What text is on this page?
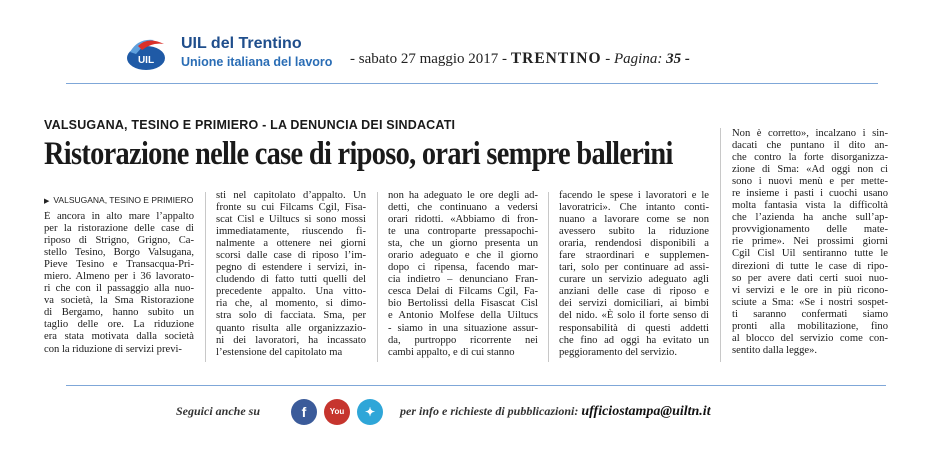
UIL
UIL del Trentino
Unione italiana del lavoro - sabato 27 maggio 2017 - TRENTINO - Pagina: 35 -
VALSUGANA, TESINO E PRIMIERO - LA DENUNCIA DEI SINDACATI
Ristorazione nelle case di riposo, orari sempre ballerini
▶ VALSUGANA, TESINO E PRIMIERO
È ancora in alto mare l’appalto
per la ristorazione delle case di
riposo di Strigno, Grigno, Ca-
stello Tesino, Borgo Valsugana,
Pieve Tesino e Transacqua-Pri-
miero. Almeno per i 36 lavorato-
ri che con il passaggio alla nuo-
va società, la Sma Ristorazione
di Bergamo, hanno subito un
taglio delle ore. La riduzione
era stata motivata dalla società
con la riduzione di servizi previ-
sti nel capitolato d’appalto. Un
fronte su cui Filcams Cgil, Fisa-
scat Cisl e Uiltucs si sono mossi
immediatamente, riuscendo fi-
nalmente a ottenere nei giorni
scorsi dalle case di riposo l’im-
pegno di estendere i servizi, in-
cludendo di fatto tutti quelli del
precedente appalto. Una vitto-
ria che, al momento, si dimo-
stra solo di facciata. Sma, per
quanto risulta alle organizzazio-
ni dei lavoratori, ha incassato
l’estensione del capitolato ma
non ha adeguato le ore degli ad-
detti, che continuano a vedersi
orari ridotti. «Abbiamo di fron-
te una controparte pressapochi-
sta, che un giorno presenta un
orario adeguato e che il giorno
dopo ci ripensa, facendo mar-
cia indietro – denunciano Fran-
cesca Delai di Filcams Cgil, Fa-
bio Bertolissi della Fisascat Cisl
e Antonio Molfese della Uiltucs
- siamo in una situazione assur-
da, purtroppo ricorrente nei
cambi appalto, e di cui stanno
facendo le spese i lavoratori e le
lavoratrici». Che intanto conti-
nuano a lavorare come se non
avessero subito la riduzione
oraria, rendendosi disponibili a
fare straordinari e supplemen-
tari, solo per continuare ad assi-
curare un servizio adeguato agli
anziani delle case di riposo e
dei servizi domiciliari, ai bimbi
del nido. «È solo il forte senso di
responsabilità di questi addetti
che fino ad oggi ha evitato un
peggioramento del servizio.
Non è corretto», incalzano i sin-
dacati che puntano il dito an-
che contro la forte disorganizza-
zione di Sma: «Ad oggi non ci
sono i nuovi menù e per mette-
re insieme i pasti i cuochi usano
molta fantasia vista la difficoltà
che l’azienda ha anche sull’ap-
provvigionamento delle mate-
rie prime». Nei prossimi giorni
Cgil Cisl Uil sentiranno tutte le
direzioni di tutte le case di ripo-
so per avere dati certi suoi nuo-
vi servizi e le ore in più ricono-
sciute a Sma: «Se i nostri sospet-
ti saranno confermati siamo
pronti alla mobilitazione, fino
al blocco del servizio come con-
sentito dalla legge».
Seguici anche su	f	You	✦	per info e richieste di pubblicazioni: ufficiostampa@uiltn.it
